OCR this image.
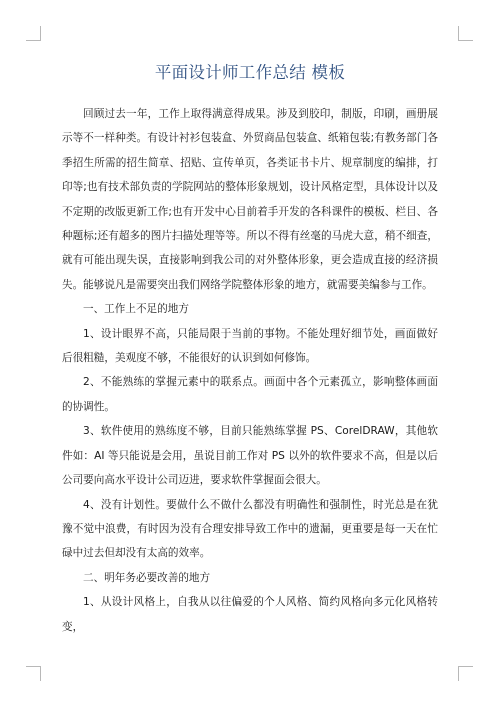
平面设计师工作总结 模板

回顾过去一年，工作上取得满意得成果。涉及到胶印，制版，印刷，画册展示等不一样种类。有设计衬衫包装盒、外贸商品包装盒、纸箱包装;有教务部门各季招生所需的招生简章、招贴、宣传单页，各类证书卡片、规章制度的编排，打印等;也有技术部负责的学院网站的整体形象规划，设计风格定型，具体设计以及不定期的改版更新工作;也有开发中心目前着手开发的各科课件的模板、栏目、各种题标;还有超多的图片扫描处理等等。所以不得有丝毫的马虎大意，稍不细查，就有可能出现失误，直接影响到我公司的对外整体形象，更会造成直接的经济损失。能够说凡是需要突出我们网络学院整体形象的地方，就需要美编参与工作。

一、工作上不足的地方

1、设计眼界不高，只能局限于当前的事物。不能处理好细节处，画面做好后很粗糙，美观度不够，不能很好的认识到如何修饰。

2、不能熟练的掌握元素中的联系点。画面中各个元素孤立，影响整体画面的协调性。

3、软件使用的熟练度不够，目前只能熟练掌握 PS、CorelDRAW，其他软件如：AI 等只能说是会用，虽说目前工作对 PS 以外的软件要求不高，但是以后公司要向高水平设计公司迈进，要求软件掌握面会很大。

4、没有计划性。要做什么不做什么都没有明确性和强制性，时光总是在犹豫不觉中浪费，有时因为没有合理安排导致工作中的遗漏，更重要是每一天在忙碌中过去但却没有太高的效率。

二、明年务必要改善的地方

1、从设计风格上，自我从以往偏爱的个人风格、简约风格向多元化风格转变，
